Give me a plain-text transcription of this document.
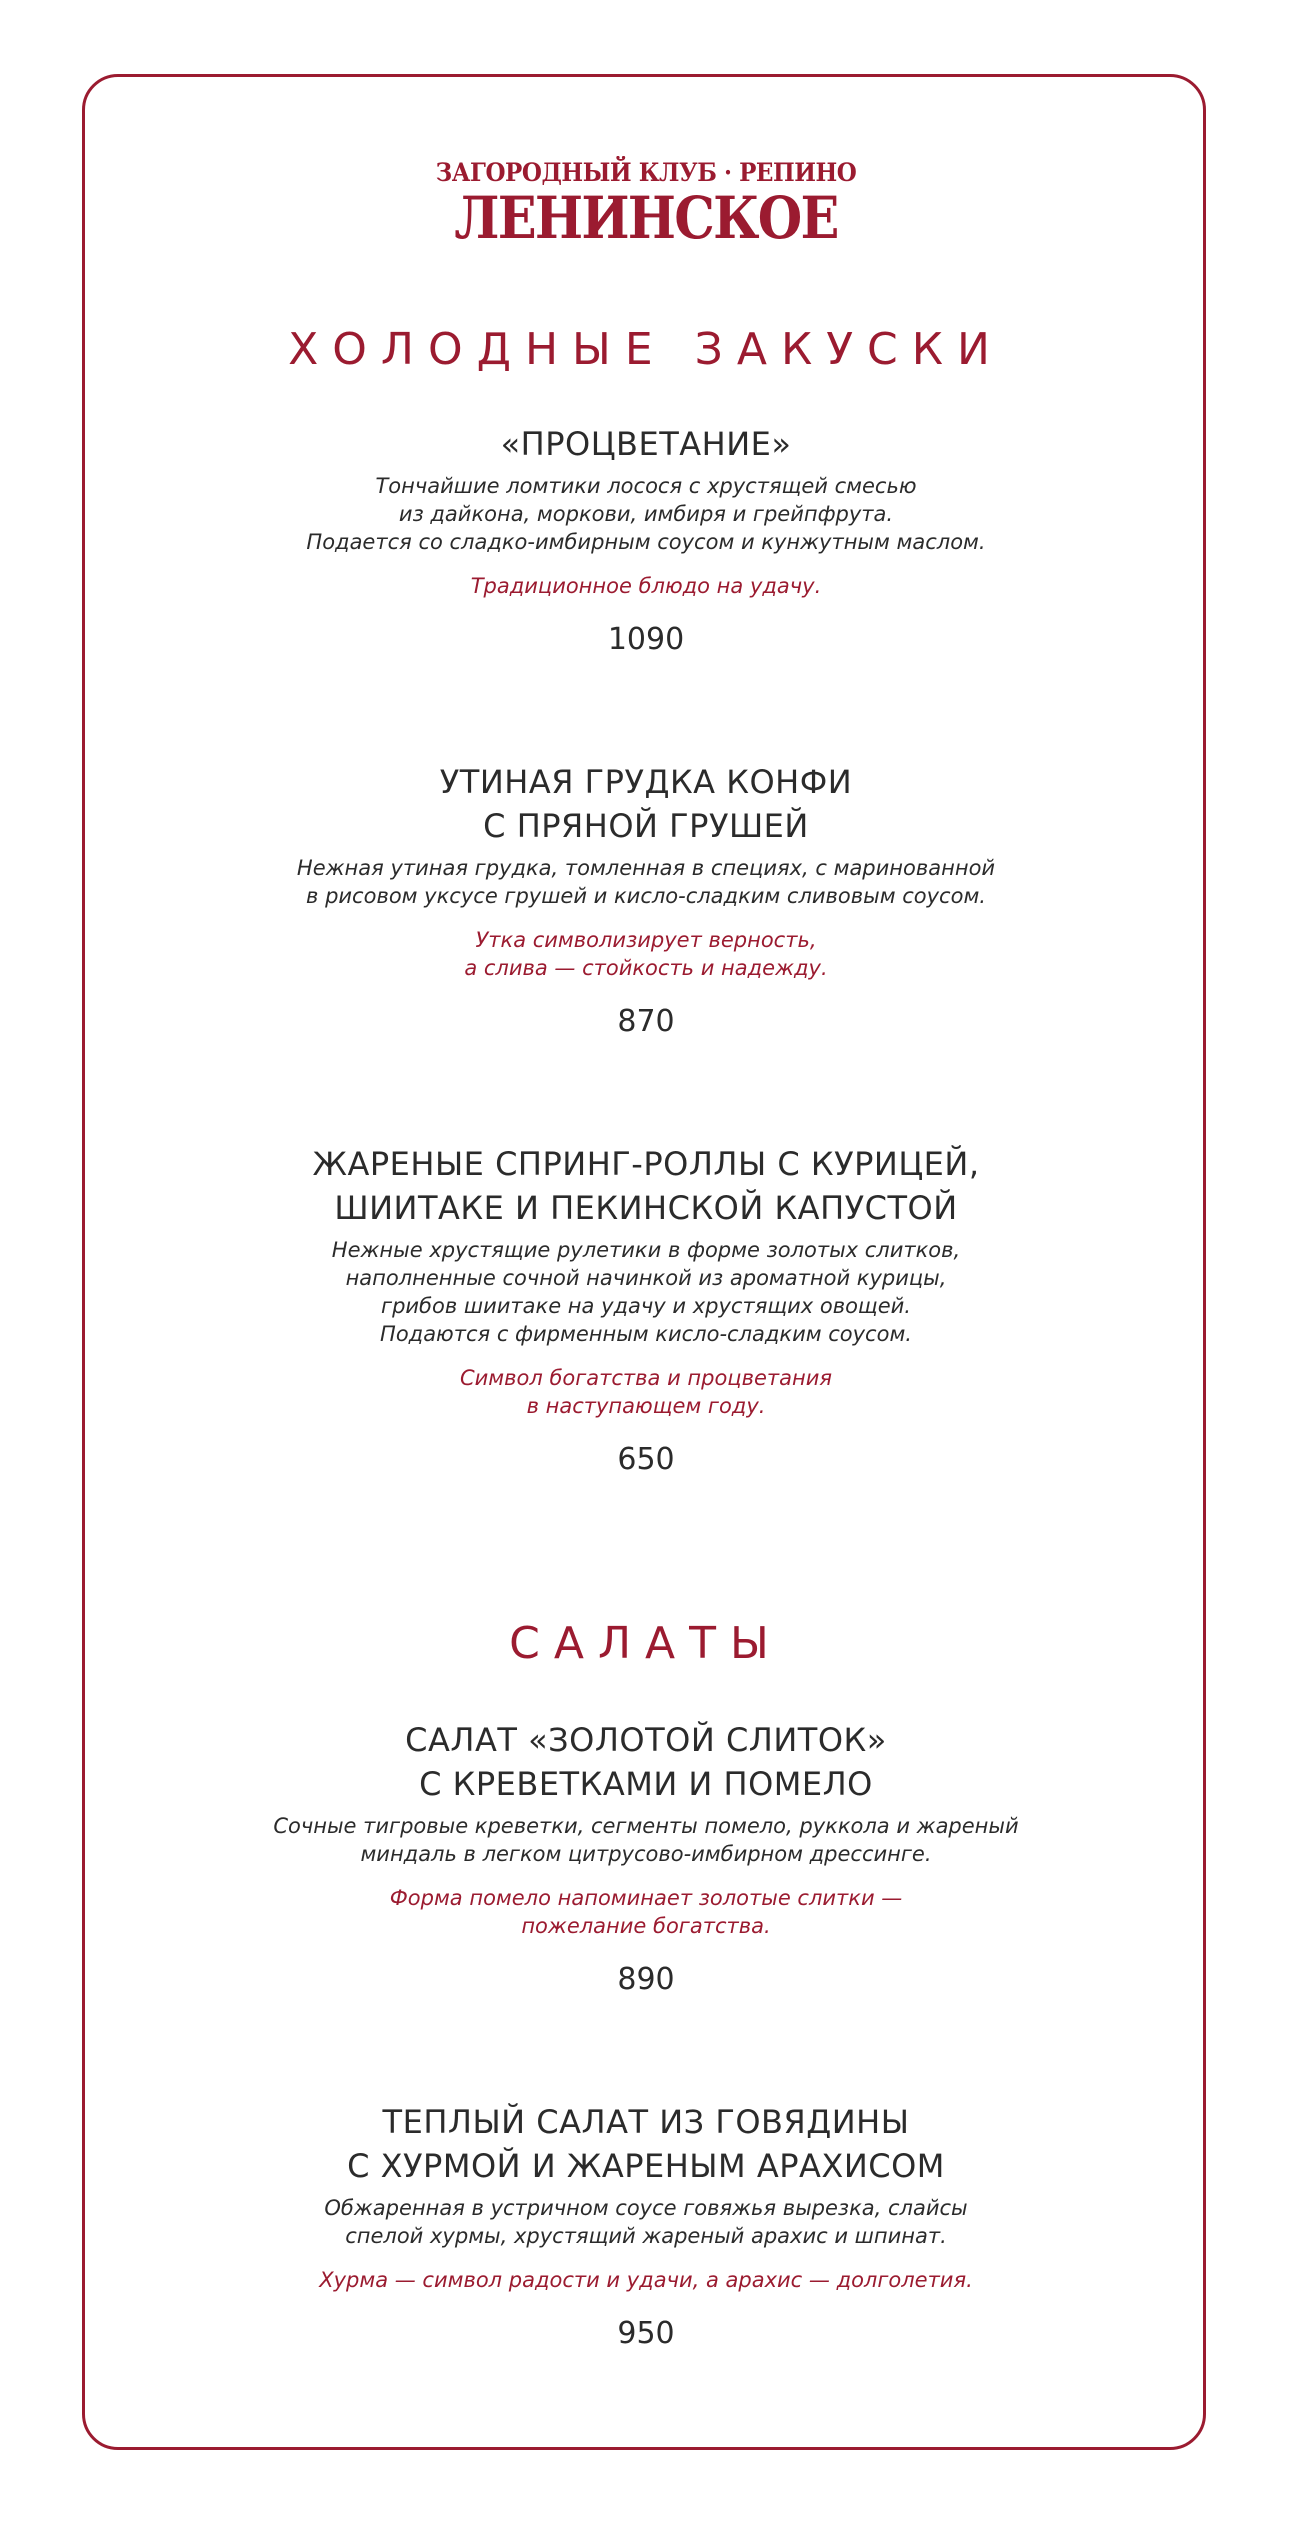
ЗАГОРОДНЫЙ КЛУБ · РЕПИНО
ЛЕНИНСКОЕ
ХОЛОДНЫЕ ЗАКУСКИ
«ПРОЦВЕТАНИЕ»
Тончайшие ломтики лосося с хрустящей смесью
из дайкона, моркови, имбиря и грейпфрута.
Подается со сладко-имбирным соусом и кунжутным маслом.
Традиционное блюдо на удачу.
1090
УТИНАЯ ГРУДКА КОНФИ
С ПРЯНОЙ ГРУШЕЙ
Нежная утиная грудка, томленная в специях, с маринованной
в рисовом уксусе грушей и кисло-сладким сливовым соусом.
Утка символизирует верность,
а слива — стойкость и надежду.
870
ЖАРЕНЫЕ СПРИНГ-РОЛЛЫ С КУРИЦЕЙ,
ШИИТАКЕ И ПЕКИНСКОЙ КАПУСТОЙ
Нежные хрустящие рулетики в форме золотых слитков,
наполненные сочной начинкой из ароматной курицы,
грибов шиитаке на удачу и хрустящих овощей.
Подаются с фирменным кисло-сладким соусом.
Символ богатства и процветания
в наступающем году.
650
САЛАТЫ
САЛАТ «ЗОЛОТОЙ СЛИТОК»
С КРЕВЕТКАМИ И ПОМЕЛО
Сочные тигровые креветки, сегменты помело, руккола и жареный
миндаль в легком цитрусово-имбирном дрессинге.
Форма помело напоминает золотые слитки —
пожелание богатства.
890
ТЕПЛЫЙ САЛАТ ИЗ ГОВЯДИНЫ
С ХУРМОЙ И ЖАРЕНЫМ АРАХИСОМ
Обжаренная в устричном соусе говяжья вырезка, слайсы
спелой хурмы, хрустящий жареный арахис и шпинат.
Хурма — символ радости и удачи, а арахис — долголетия.
950
